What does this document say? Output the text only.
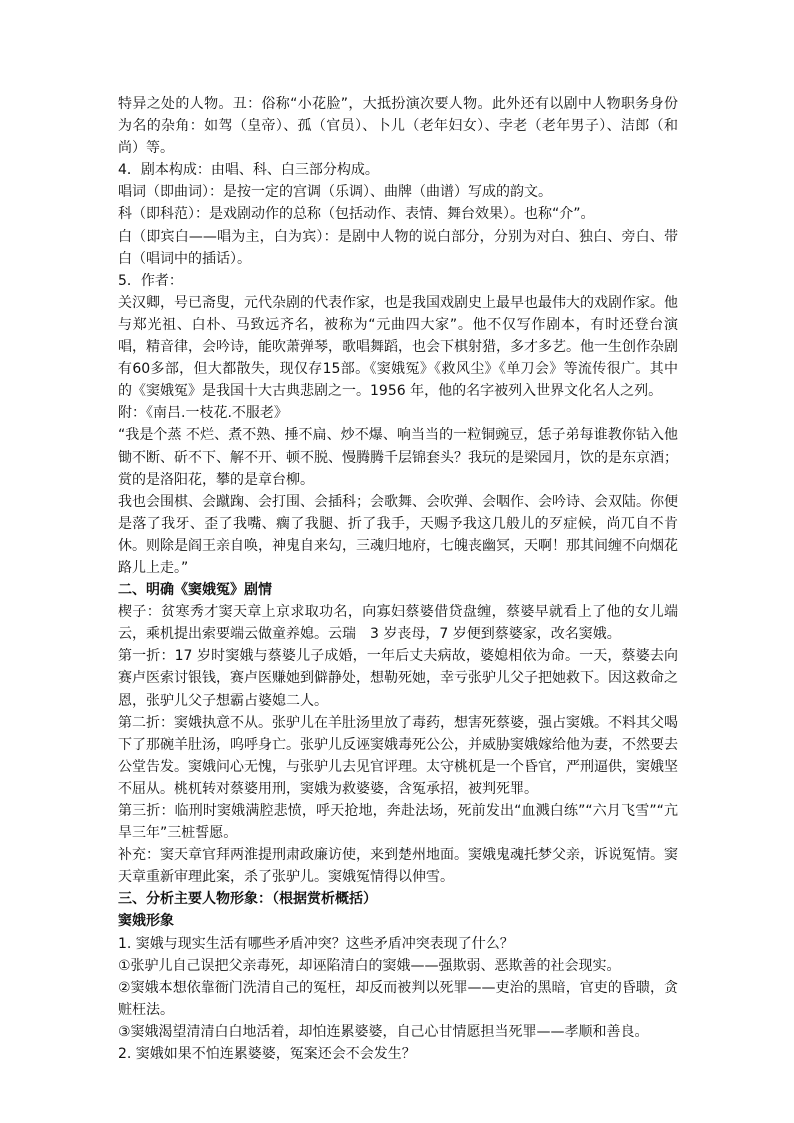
特异之处的人物。丑：俗称“小花脸”，大抵扮演次要人物。此外还有以剧中人物职务身份为名的杂角：如驾（皇帝）、孤（官员）、卜儿（老年妇女）、孛老（老年男子）、洁郎（和尚）等。

4．剧本构成：由唱、科、白三部分构成。

唱词（即曲词）：是按一定的宫调（乐调）、曲牌（曲谱）写成的韵文。

科（即科范）：是戏剧动作的总称（包括动作、表情、舞台效果）。也称“介”。

白（即宾白——唱为主，白为宾）：是剧中人物的说白部分，分别为对白、独白、旁白、带白（唱词中的插话）。

5．作者：

关汉卿，号已斋叟，元代杂剧的代表作家，也是我国戏剧史上最早也最伟大的戏剧作家。他与郑光祖、白朴、马致远齐名，被称为“元曲四大家”。他不仅写作剧本，有时还登台演唱，精音律，会吟诗，能吹萧弹琴，歌唱舞蹈，也会下棋射猎，多才多艺。他一生创作杂剧有60多部，但大都散失，现仅存15部。《窦娥冤》《救风尘》《单刀会》等流传很广。其中的《窦娥冤》是我国十大古典悲剧之一。1956 年，他的名字被列入世界文化名人之列。

附：《南吕.一枝花.不服老》

“我是个蒸 不烂、煮不熟、捶不扁、炒不爆、响当当的一粒铜豌豆，恁子弟每谁教你钻入他锄不断、斫不下、解不开、顿不脱、慢腾腾千层锦套头？我玩的是梁园月，饮的是东京酒；赏的是洛阳花，攀的是章台柳。

我也会围棋、会蹴踘、会打围、会插科；会歌舞、会吹弹、会咽作、会吟诗、会双陆。你便是落了我牙、歪了我嘴、瘸了我腿、折了我手，天赐予我这几般儿的歹症候，尚兀自不肯休。则除是阎王亲自唤，神鬼自来勾，三魂归地府，七魄丧幽冥，天啊！那其间缠不向烟花路儿上走。”

二、明确《窦娥冤》剧情

楔子：贫寒秀才窦天章上京求取功名，向寡妇蔡婆借贷盘缠，蔡婆早就看上了他的女儿端云，乘机提出索要端云做童养媳。云瑞　3 岁丧母，7 岁便到蔡婆家，改名窦娥。

第一折：17 岁时窦娥与蔡婆儿子成婚，一年后丈夫病故，婆媳相依为命。一天，蔡婆去向赛卢医索讨银钱，赛卢医赚她到僻静处，想勒死她，幸亏张驴儿父子把她救下。因这救命之恩，张驴儿父子想霸占婆媳二人。

第二折：窦娥执意不从。张驴儿在羊肚汤里放了毒药，想害死蔡婆，强占窦娥。不料其父喝下了那碗羊肚汤，呜呼身亡。张驴儿反诬窦娥毒死公公，并威胁窦娥嫁给他为妻，不然要去公堂告发。窦娥问心无愧，与张驴儿去见官评理。太守桃杌是一个昏官，严刑逼供，窦娥坚不屈从。桃杌转对蔡婆用刑，窦娥为救婆婆，含冤承招，被判死罪。

第三折：临刑时窦娥满腔悲愤，呼天抢地，奔赴法场，死前发出“血溅白练”“六月飞雪”“亢旱三年”三桩誓愿。

补充：窦天章官拜两淮提刑肃政廉访使，来到楚州地面。窦娥鬼魂托梦父亲，诉说冤情。窦天章重新审理此案，杀了张驴儿。窦娥冤情得以伸雪。

三、分析主要人物形象：（根据赏析概括）

窦娥形象

1. 窦娥与现实生活有哪些矛盾冲突？这些矛盾冲突表现了什么？

①张驴儿自己误把父亲毒死，却诬陷清白的窦娥——强欺弱、恶欺善的社会现实。

②窦娥本想依靠衙门洗清自己的冤枉，却反而被判以死罪——吏治的黑暗，官吏的昏聩，贪赃枉法。

③窦娥渴望清清白白地活着，却怕连累婆婆，自己心甘情愿担当死罪——孝顺和善良。

2. 窦娥如果不怕连累婆婆，冤案还会不会发生？
